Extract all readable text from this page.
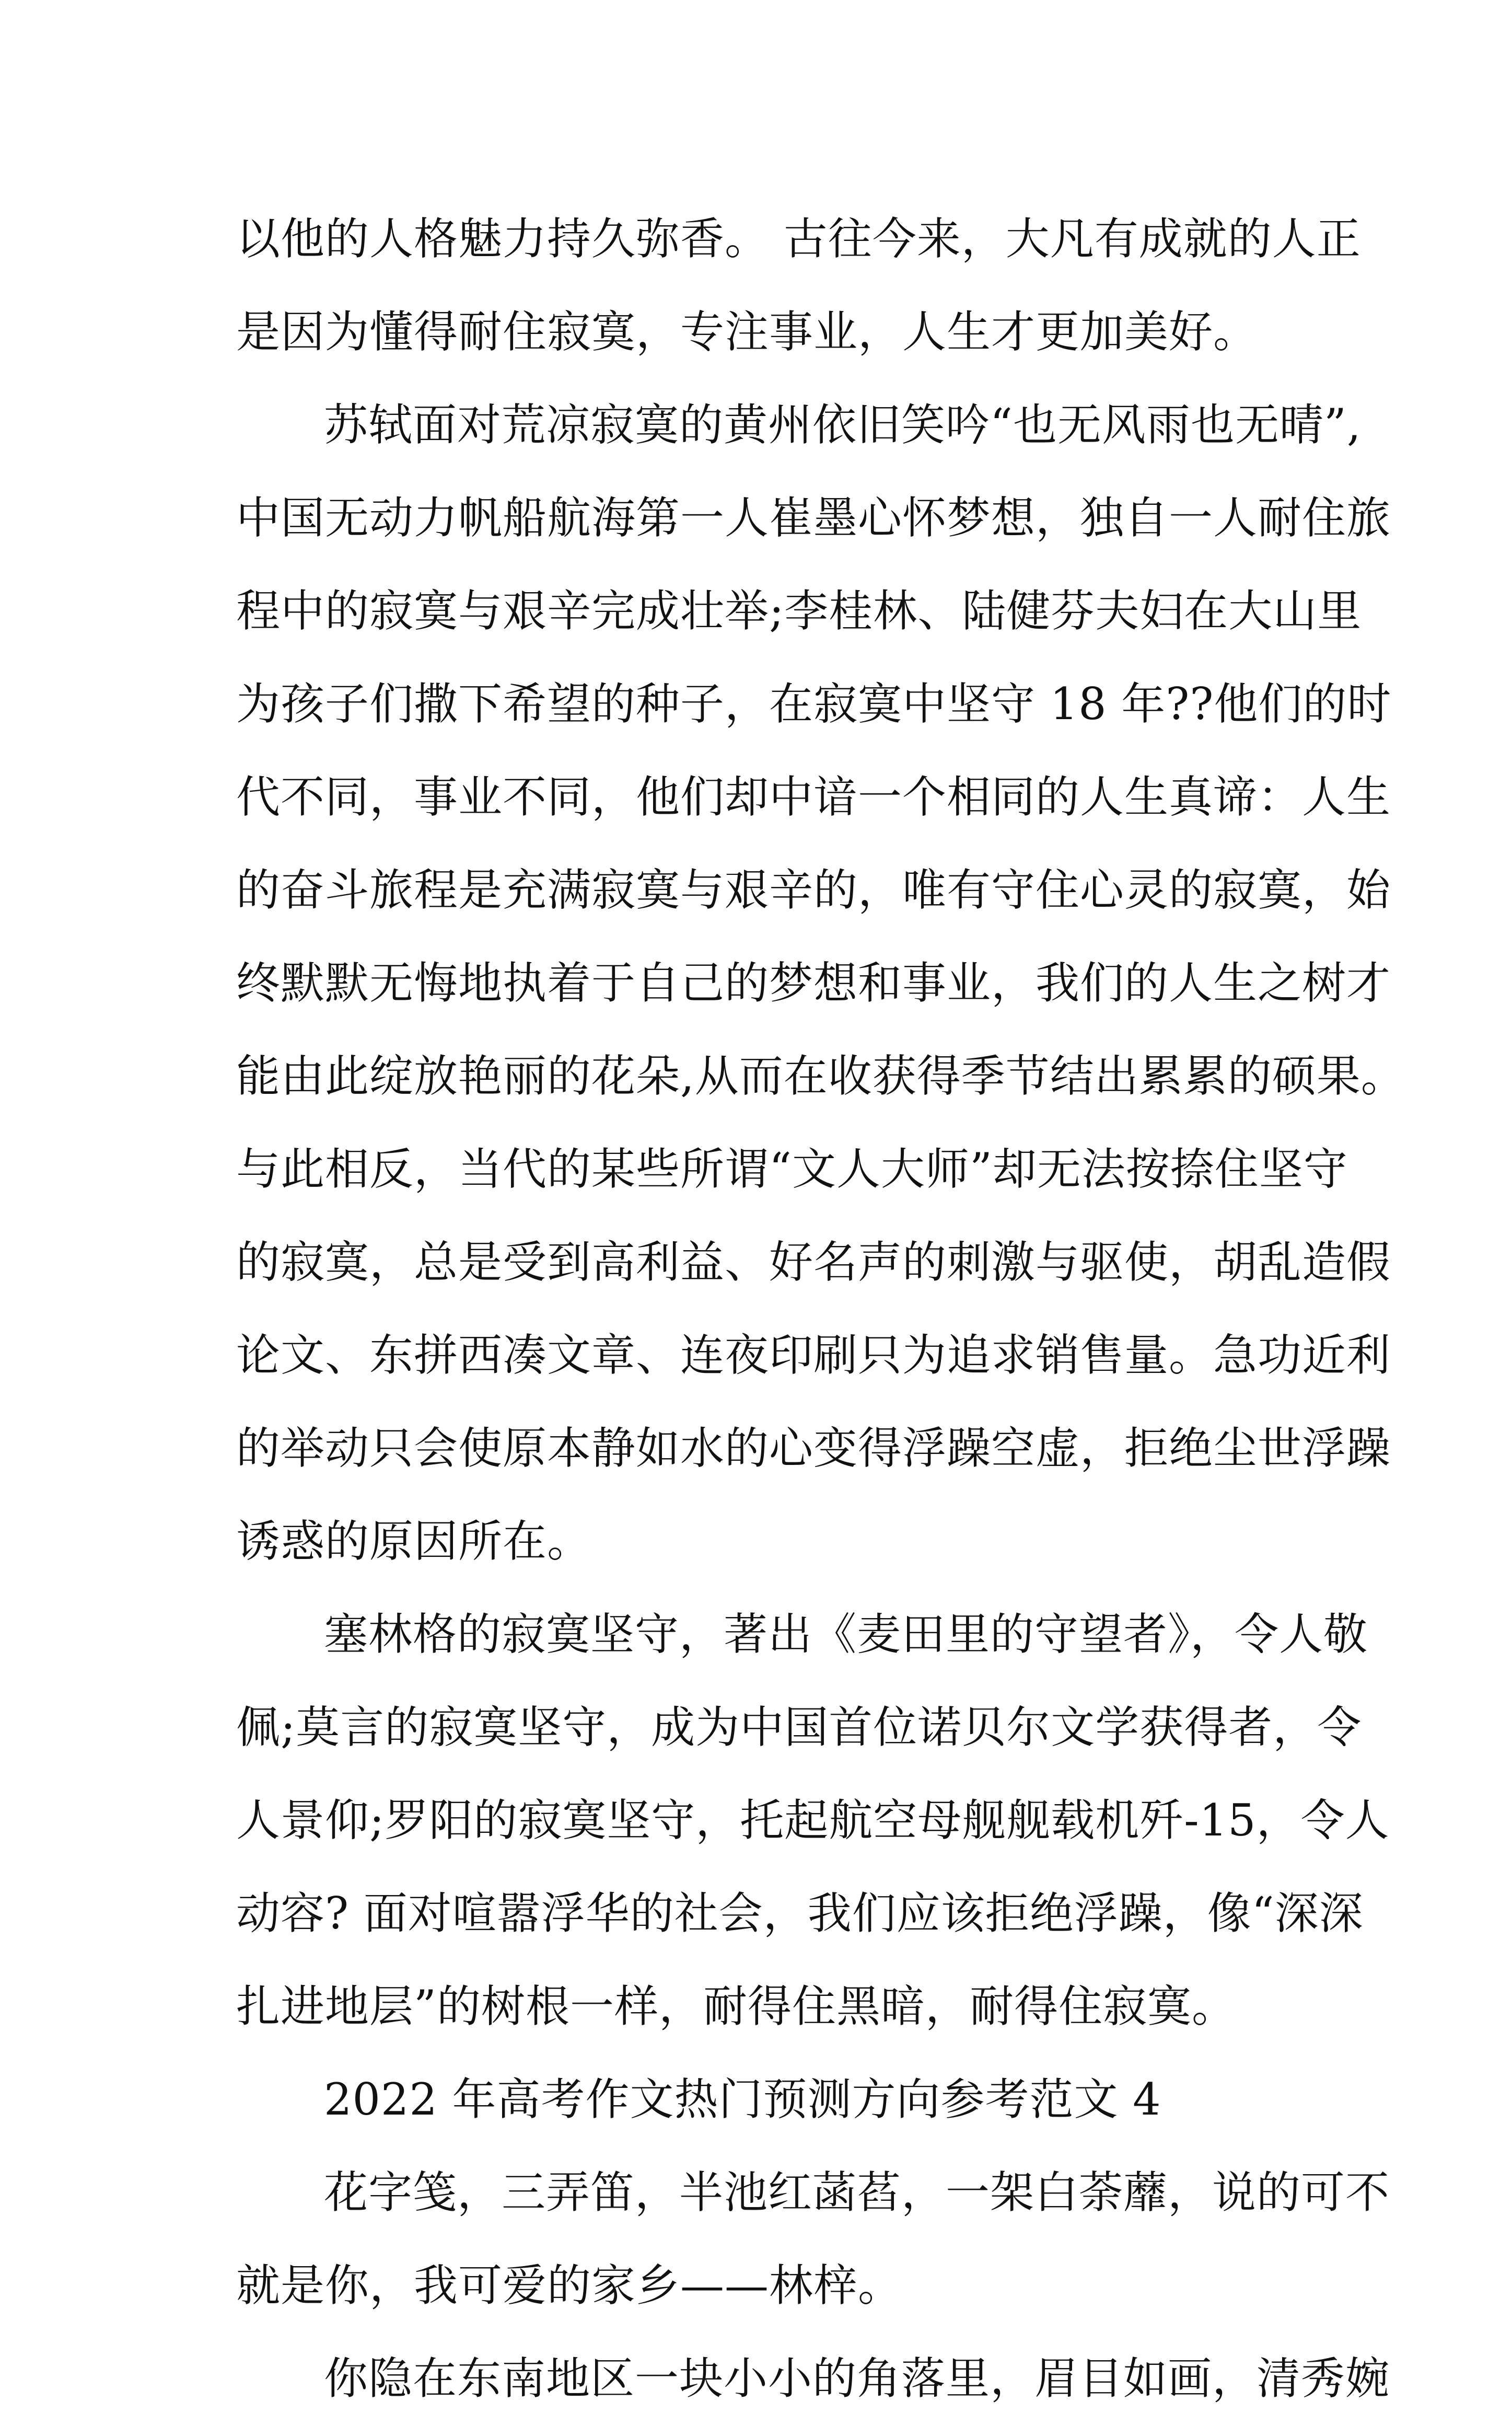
以他的人格魅力持久弥香。 古往今来，大凡有成就的人正
是因为懂得耐住寂寞，专注事业，人生才更加美好。
苏轼面对荒凉寂寞的黄州依旧笑吟“也无风雨也无晴”,
中国无动力帆船航海第一人崔墨心怀梦想，独自一人耐住旅
程中的寂寞与艰辛完成壮举;李桂林、陆健芬夫妇在大山里
为孩子们撒下希望的种子，在寂寞中坚守 18 年??他们的时
代不同，事业不同，他们却中谙一个相同的人生真谛：人生
的奋斗旅程是充满寂寞与艰辛的，唯有守住心灵的寂寞，始
终默默无悔地执着于自己的梦想和事业，我们的人生之树才
能由此绽放艳丽的花朵,从而在收获得季节结出累累的硕果。
与此相反，当代的某些所谓“文人大师”却无法按捺住坚守
的寂寞，总是受到高利益、好名声的刺激与驱使，胡乱造假
论文、东拼西凑文章、连夜印刷只为追求销售量。急功近利
的举动只会使原本静如水的心变得浮躁空虚，拒绝尘世浮躁
诱惑的原因所在。
塞林格的寂寞坚守，著出《麦田里的守望者》，令人敬
佩;莫言的寂寞坚守，成为中国首位诺贝尔文学获得者，令
人景仰;罗阳的寂寞坚守，托起航空母舰舰载机歼-15，令人
动容? 面对喧嚣浮华的社会，我们应该拒绝浮躁，像“深深
扎进地层”的树根一样，耐得住黑暗，耐得住寂寞。
2022 年高考作文热门预测方向参考范文 4
花字笺，三弄笛，半池红菡萏，一架白荼蘼，说的可不
就是你，我可爱的家乡——林梓。
你隐在东南地区一块小小的角落里，眉目如画，清秀婉
